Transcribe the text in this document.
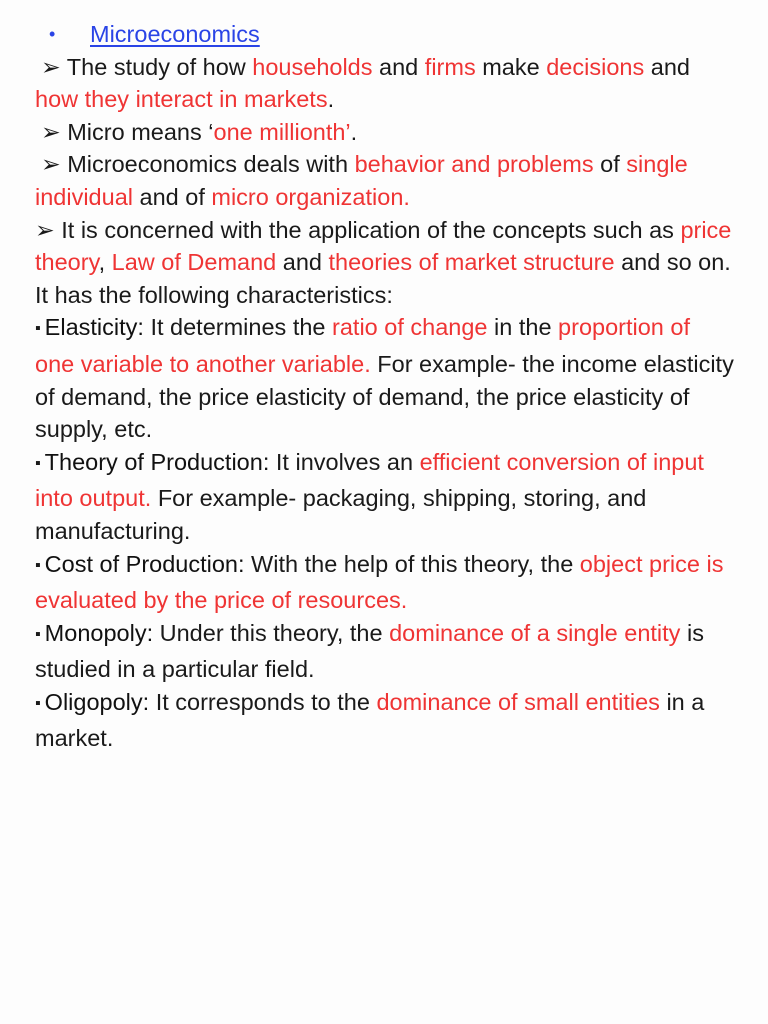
• Microeconomics

➢ The study of how households and firms make decisions and how they interact in markets.

➢ Micro means ‘one millionth’.

➢ Microeconomics deals with behavior and problems of single individual and of micro organization.

➢ It is concerned with the application of the concepts such as price theory, Law of Demand and theories of market structure and so on. It has the following characteristics:

▪ Elasticity: It determines the ratio of change in the proportion of one variable to another variable. For example- the income elasticity of demand, the price elasticity of demand, the price elasticity of supply, etc.

▪ Theory of Production: It involves an efficient conversion of input into output. For example- packaging, shipping, storing, and manufacturing.

▪ Cost of Production: With the help of this theory, the object price is evaluated by the price of resources.

▪ Monopoly: Under this theory, the dominance of a single entity is studied in a particular field.

▪ Oligopoly: It corresponds to the dominance of small entities in a market.
